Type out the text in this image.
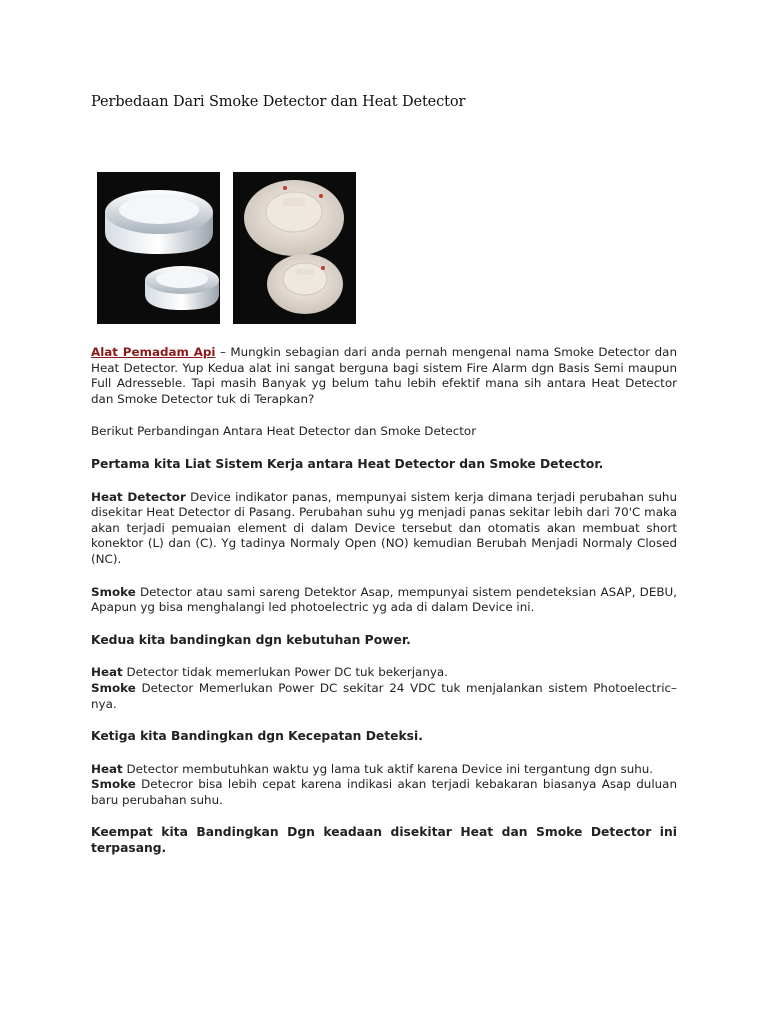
Perbedaan Dari Smoke Detector dan Heat Detector

Alat Pemadam Api – Mungkin sebagian dari anda pernah mengenal nama Smoke Detector dan Heat Detector. Yup Kedua alat ini sangat berguna bagi sistem Fire Alarm dgn Basis Semi maupun Full Adresseble. Tapi masih Banyak yg belum tahu lebih efektif mana sih antara Heat Detector dan Smoke Detector tuk di Terapkan?

Berikut Perbandingan Antara Heat Detector dan Smoke Detector

Pertama kita Liat Sistem Kerja antara Heat Detector dan Smoke Detector.

Heat Detector Device indikator panas, mempunyai sistem kerja dimana terjadi perubahan suhu disekitar Heat Detector di Pasang. Perubahan suhu yg menjadi panas sekitar lebih dari 70'C maka akan terjadi pemuaian element di dalam Device tersebut dan otomatis akan membuat short konektor (L) dan (C). Yg tadinya Normaly Open (NO) kemudian Berubah Menjadi Normaly Closed (NC).

Smoke Detector atau sami sareng Detektor Asap, mempunyai sistem pendeteksian ASAP, DEBU, Apapun yg bisa menghalangi led photoelectric yg ada di dalam Device ini.

Kedua kita bandingkan dgn kebutuhan Power.

Heat Detector tidak memerlukan Power DC tuk bekerjanya.

Smoke Detector Memerlukan Power DC sekitar 24 VDC tuk menjalankan sistem Photoelectric–nya.

Ketiga kita Bandingkan dgn Kecepatan Deteksi.

Heat Detector membutuhkan waktu yg lama tuk aktif karena Device ini tergantung dgn suhu.

Smoke Detecror bisa lebih cepat karena indikasi akan terjadi kebakaran biasanya Asap duluan baru perubahan suhu.

Keempat kita Bandingkan Dgn keadaan disekitar Heat dan Smoke Detector ini terpasang.
